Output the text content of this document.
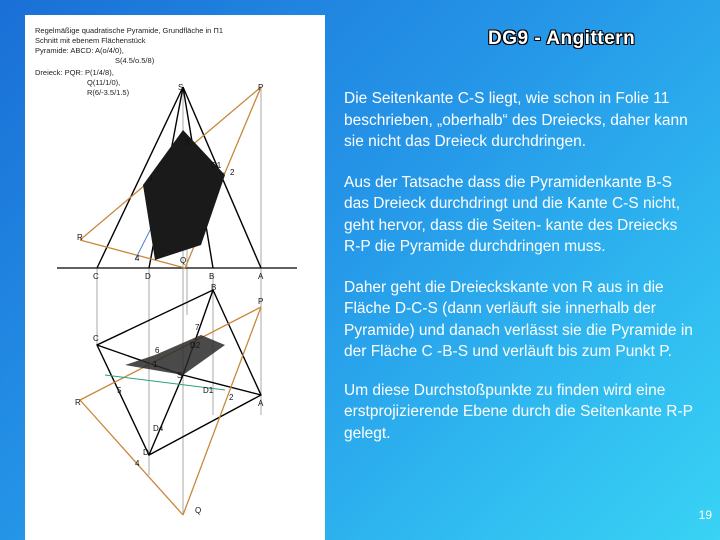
Regelmäßige quadratische Pyramide, Grundfläche in Π1
Schnitt mit ebenem Flächenstück
Pyramide: ABCD: A(o/4/0),
S(4.5/o.5/8)
Dreieck: PQR: P(1/4/8),
Q(11/1/0),
R(6/-3.5/1.5)
S	P
3
D1
2
1
R
4	Q
C	D	B	A
B
P
7
D2
6
C
1
S
5	D1
2
A
R
D4
D
4
Q
DG9 - Angittern

Die Seitenkante C-S liegt, wie schon in Folie 11 beschrieben, „oberhalb“ des Dreiecks, daher kann sie nicht das Dreieck durchdringen.

Aus der Tatsache dass die Pyramidenkante B-S das Dreieck durchdringt und die Kante C-S nicht, geht hervor, dass die Seiten- kante des Dreiecks R-P die Pyramide durchdringen muss.

Daher geht die Dreieckskante von R aus in die Fläche D-C-S (dann verläuft sie innerhalb der Pyramide) und danach verlässt sie die Pyramide in der Fläche C -B-S und verläuft bis zum Punkt P.

Um diese Durchstoßpunkte zu finden wird eine erstprojizierende Ebene durch die Seitenkante R-P gelegt.

19
